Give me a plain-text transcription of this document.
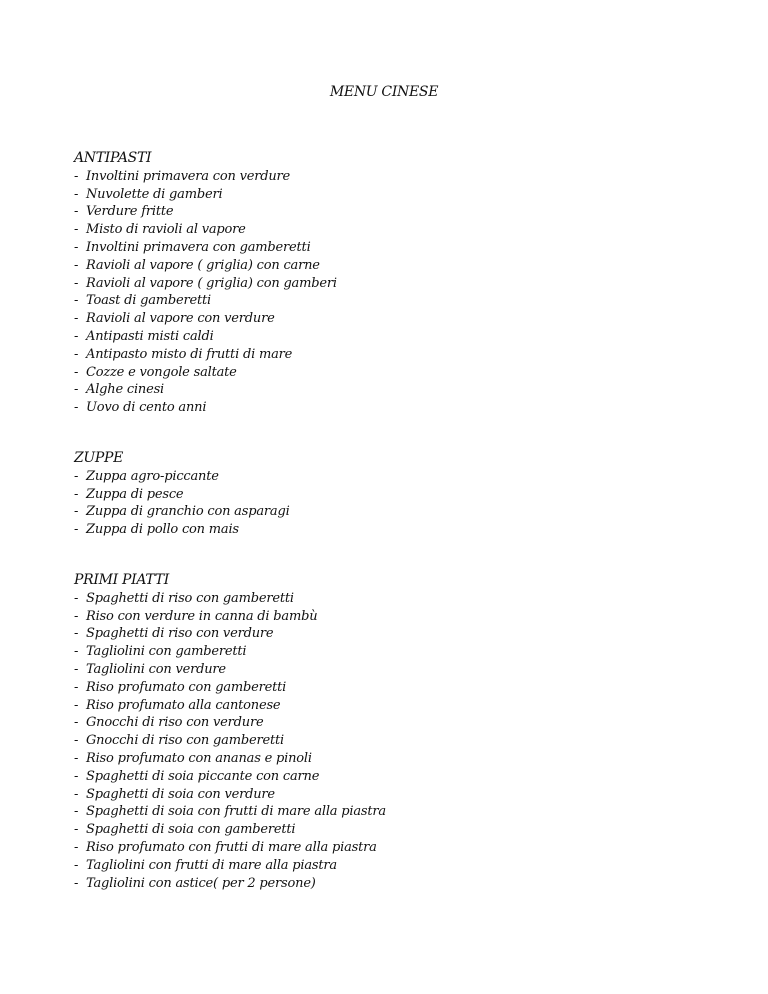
MENU CINESE
ANTIPASTI
- Involtini primavera con verdure
- Nuvolette di gamberi
- Verdure fritte
- Misto di ravioli al vapore
- Involtini primavera con gamberetti
- Ravioli al vapore ( griglia) con carne
- Ravioli al vapore ( griglia) con gamberi
- Toast di gamberetti
- Ravioli al vapore con verdure
- Antipasti misti caldi
- Antipasto misto di frutti di mare
- Cozze e vongole saltate
- Alghe cinesi
- Uovo di cento anni
ZUPPE
- Zuppa agro-piccante
- Zuppa di pesce
- Zuppa di granchio con asparagi
- Zuppa di pollo con mais
PRIMI PIATTI
- Spaghetti di riso con gamberetti
- Riso con verdure in canna di bambù
- Spaghetti di riso con verdure
- Tagliolini con gamberetti
- Tagliolini con verdure
- Riso profumato con gamberetti
- Riso profumato alla cantonese
- Gnocchi di riso con verdure
- Gnocchi di riso con gamberetti
- Riso profumato con ananas e pinoli
- Spaghetti di soia piccante con carne
- Spaghetti di soia con verdure
- Spaghetti di soia con frutti di mare alla piastra
- Spaghetti di soia con gamberetti
- Riso profumato con frutti di mare alla piastra
- Tagliolini con frutti di mare alla piastra
- Tagliolini con astice( per 2 persone)
